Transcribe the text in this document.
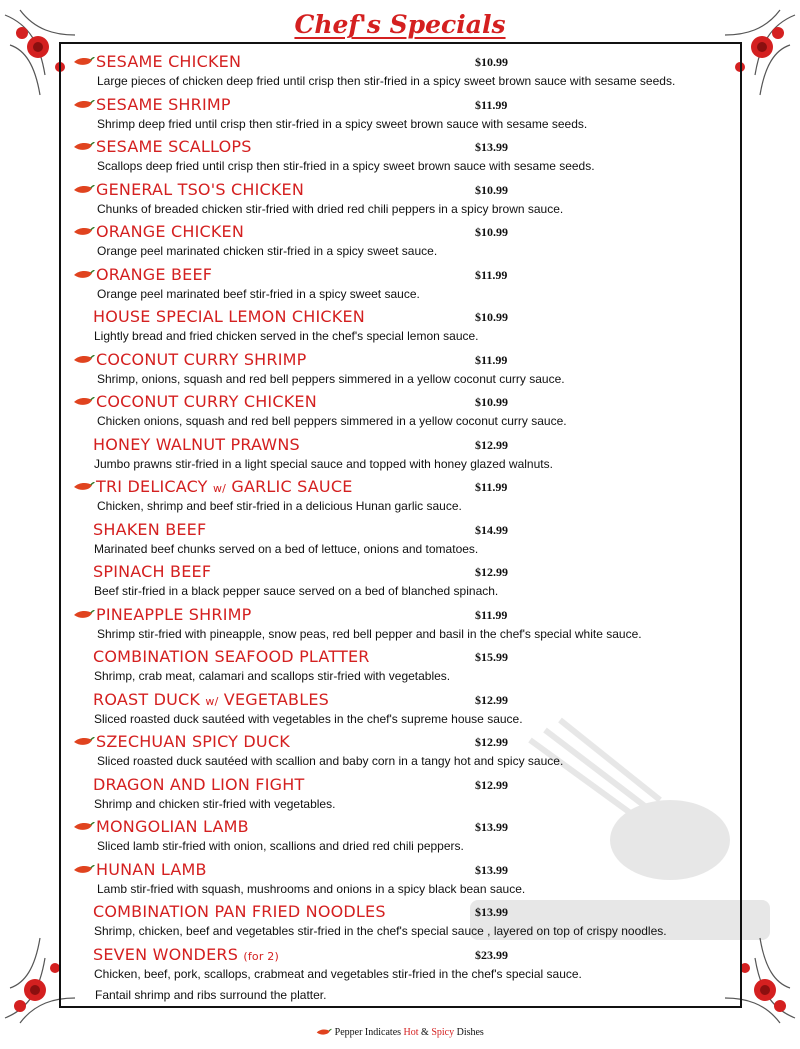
Chef's Specials
SESAME CHICKEN	$10.99
Large pieces of chicken deep fried until crisp then stir-fried in a spicy sweet brown sauce with sesame seeds.
SESAME SHRIMP	$11.99
Shrimp deep fried until crisp then stir-fried in a spicy sweet brown sauce with sesame seeds.
SESAME SCALLOPS	$13.99
Scallops deep fried until crisp then stir-fried in a spicy sweet brown sauce with sesame seeds.
GENERAL TSO'S CHICKEN	$10.99
Chunks of breaded chicken stir-fried with dried red chili peppers in a spicy brown sauce.
ORANGE CHICKEN	$10.99
Orange peel marinated chicken stir-fried in a spicy sweet sauce.
ORANGE BEEF	$11.99
Orange peel marinated beef stir-fried in a spicy sweet sauce.
HOUSE SPECIAL LEMON CHICKEN	$10.99
Lightly bread and fried chicken served in the chef's special lemon sauce.
COCONUT CURRY SHRIMP	$11.99
Shrimp, onions, squash and red bell peppers simmered in a yellow coconut curry sauce.
COCONUT CURRY CHICKEN	$10.99
Chicken onions, squash and red bell peppers simmered in a yellow coconut curry sauce.
HONEY WALNUT PRAWNS	$12.99
Jumbo prawns stir-fried in a light special sauce and topped with honey glazed walnuts.
TRI DELICACY w/ GARLIC SAUCE	$11.99
Chicken, shrimp and beef stir-fried in a delicious Hunan garlic sauce.
SHAKEN BEEF	$14.99
Marinated beef chunks served on a bed of lettuce, onions and tomatoes.
SPINACH BEEF	$12.99
Beef stir-fried in a black pepper sauce served on a bed of blanched spinach.
PINEAPPLE SHRIMP	$11.99
Shrimp stir-fried with pineapple, snow peas, red bell pepper and basil in the chef's special white sauce.
COMBINATION SEAFOOD PLATTER	$15.99
Shrimp, crab meat, calamari and scallops stir-fried with vegetables.
ROAST DUCK w/ VEGETABLES	$12.99
Sliced roasted duck sautéed with vegetables in the chef's supreme house sauce.
SZECHUAN SPICY DUCK	$12.99
Sliced roasted duck sautéed with scallion and baby corn in a tangy hot and spicy sauce.
DRAGON AND LION FIGHT	$12.99
Shrimp and chicken stir-fried with vegetables.
MONGOLIAN LAMB	$13.99
Sliced lamb stir-fried with onion, scallions and dried red chili peppers.
HUNAN LAMB	$13.99
Lamb stir-fried with squash, mushrooms and onions in a spicy black bean sauce.
COMBINATION PAN FRIED NOODLES	$13.99
Shrimp, chicken, beef and vegetables stir-fried in the chef's special sauce , layered on top of crispy noodles.
SEVEN WONDERS (for 2)	$23.99
Chicken, beef, pork, scallops, crabmeat and vegetables stir-fried in the chef's special sauce.
Fantail shrimp and ribs surround the platter.
Pepper Indicates Hot & Spicy Dishes
